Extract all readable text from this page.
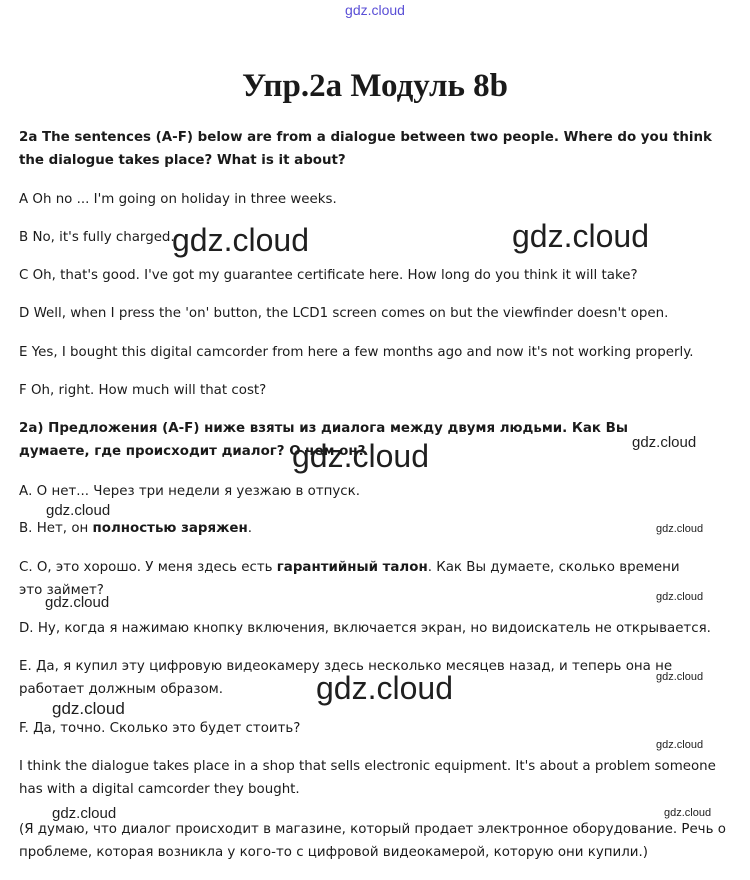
gdz.cloud
Упр.2a Модуль 8b
2a The sentences (A-F) below are from a dialogue between two people. Where do you think the dialogue takes place? What is it about?
A Oh no ... I'm going on holiday in three weeks.
B No, it's fully charged.
C Oh, that's good. I've got my guarantee certificate here. How long do you think it will take?
D Well, when I press the 'on' button, the LCD1 screen comes on but the viewfinder doesn't open.
E Yes, I bought this digital camcorder from here a few months ago and now it's not working properly.
F Oh, right. How much will that cost?
2а) Предложения (A-F) ниже взяты из диалога между двумя людьми. Как Вы думаете, где происходит диалог? О чем он?
А. О нет... Через три недели я уезжаю в отпуск.
В. Нет, он полностью заряжен.
С. О, это хорошо. У меня здесь есть гарантийный талон. Как Вы думаете, сколько времени это займет?
D. Ну, когда я нажимаю кнопку включения, включается экран, но видоискатель не открывается.
Е. Да, я купил эту цифровую видеокамеру здесь несколько месяцев назад, и теперь она не работает должным образом.
F. Да, точно. Сколько это будет стоить?
I think the dialogue takes place in a shop that sells electronic equipment. It's about a problem someone has with a digital camcorder they bought.
(Я думаю, что диалог происходит в магазине, который продает электронное оборудование. Речь о проблеме, которая возникла у кого-то с цифровой видеокамерой, которую они купили.)
gdz.cloud	gdz.cloud
gdz.cloud
gdz.cloud
gdz.cloud
gdz.cloud
gdz.cloud
gdz.cloud
gdz.cloud
gdz.cloud
gdz.cloud
gdz.cloud
gdz.cloud
gdz.cloud
